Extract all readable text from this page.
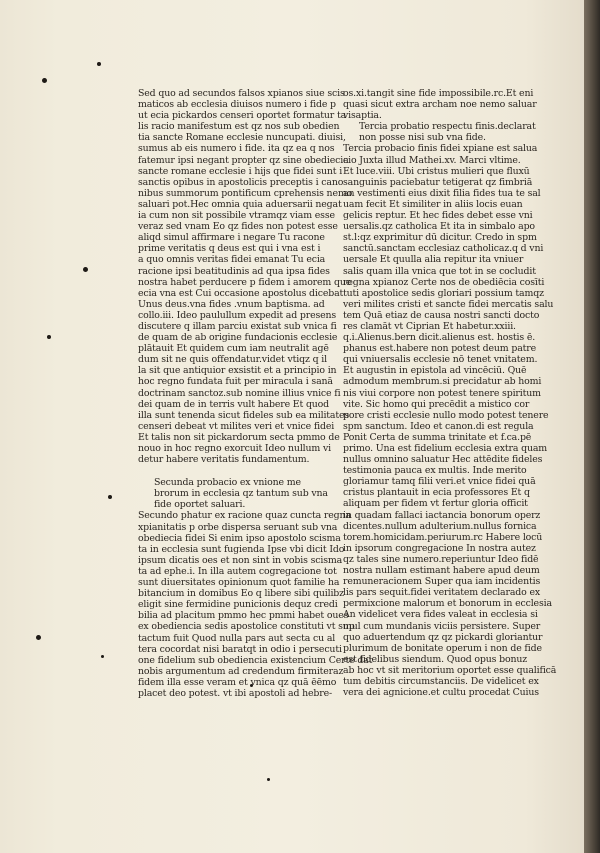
Sed quo ad secundos falsos xpianos siue scis
maticos ab ecclesia diuisos numero i fide p
ut ecia pickardos censeri oportet formatur ta
lis racio manifestum est qz nos sub obedien
tia sancte Romane ecclesie nuncupati. diuisi,
sumus ab eis numero i fide. ita qz ea q nos
fatemur ipsi negant propter qz sine obediecia
sancte romane ecclesie i hijs que fidei sunt i
sanctis opibus in apostolicis preceptis i cano
nibus summorum pontificum cprehensis nemo
saluari pot.Hec omnia quia aduersarii negat
ia cum non sit possibile vtramqz viam esse
veraz sed vnam Eo qz fides non potest esse
aliqd simul affirmare i negare Tu racone
prime veritatis q deus est qui i vna est i
a quo omnis veritas fidei emanat Tu ecia
racione ipsi beatitudinis ad qua ipsa fides
nostra habet perducere p fidem i amorem que
ecia vna est Cui occasione apostolus dicebat
Unus deus.vna fides .vnum baptisma. ad
collo.iii. Ideo paulullum expedit ad presens
discutere q illam parciu existat sub vnica fi
de quam de ab origine fundacionis ecclesie
plātauit Et quidem cum iam neutralit agē
dum sit ne quis offendatur.videt vtiqz q il
la sit que antiquior exsistit et a principio in
hoc regno fundata fuit per miracula i sanā
doctrinam sanctoz.sub nomine illius vnice fi
dei quam de in terris vult habere Et quod
illa sunt tenenda sicut fideles sub ea militates
censeri debeat vt milites veri et vnice fidei
Et talis non sit pickardorum secta pmmo de
nouo in hoc regno exorcuit Ideo nullum vi
detur habere veritatis fundamentum.
Secunda probacio ex vnione me
brorum in ecclesia qz tantum sub vna
fide oportet saluari.
Secundo phatur ex racione quaz cuncta regna
xpianitatis p orbe dispersa seruant sub vna
obediecia fidei Si enim ipso apostolo scisma
ta in ecclesia sunt fugienda Ipse vbi dicit Ido
ipsum dicatis oes et non sint in vobis scisma
ta ad ephe.i. In illa autem cogregacione tot
sunt diuersitates opinionum quot familie ha
bitancium in domibus Eo q libere sibi quilibz
eligit sine fermidine punicionis dequz credi
bilia ad placitum pmmo hec pmmi habet oues
ex obediencia sedis apostolice constituti vt sup
tactum fuit Quod nulla pars aut secta cu al
tera cocordat nisi baratqt in odio i persecuti
one fidelium sub obediencia existencium Certe dat
nobis argumentum ad credendum firmiteraz
fidem illa esse veram et vnica qz quā ēēmo
placet deo potest. vt ibi apostoli ad hebre-
os.xi.tangit sine fide impossibile.rc.Et eni
quasi sicut extra archam noe nemo saluar
visaptia.
Tercia probatio respectu finis.declarat
non posse nisi sub vna fide.
Tercia probacio finis fidei xpiane est salua
cio Juxta illud Mathei.xv. Marci vltime.
Et luce.viii. Ubi cristus mulieri que fluxū
sanguinis paciebatur tetigerat qz fimbriā
an vestimenti eius dixit filia fides tua te sal
uam fecit Et similiter in aliis locis euan
gelicis reptur. Et hec fides debet esse vni
uersalis.qz catholica Et ita in simbalo apo
st.l:qz exprimitur dū dicitur. Credo in spm
sanctū.sanctam ecclesiaz catholicaz.q d vni
uersale Et quulla alia repitur ita vniuer
salis quam illa vnica que tot in se cocludit
regna xpianoz Certe nos de obediēcia cosīti
tuti apostolice sedis gloriari possium tamqz
veri milites cristi et sancte fidei mercatis salu
tem Quā etiaz de causa nostri sancti docto
res clamāt vt Ciprian Et habetur.xxiii.
q.i.Alienus.bern dicit.alienus est. hostis ē.
phanus est.habere non potest deum patre
qui vniuersalis ecclesie nō tenet vnitatem.
Et augustin in epistola ad vincēciū. Quē
admodum membrum.si precidatur ab homi
nis viui corpore non potest tenere spiritum
vite. Sic homo qui precēdit a mistico cor
pore cristi ecclesie nullo modo potest tenere
spm sanctum. Ideo et canon.di est regula
Ponit Certa de summa trinitate et f.ca.pē
primo. Una est fidelium ecclesia extra quam
nullus omnino saluatur Hec attēdite fideles
testimonia pauca ex multis. Inde merito
gloriamur tamq filii veri.et vnice fidei quā
cristus plantauit in ecia professores Et q
aliquam per fidem vt fertur gloria officit
in quadam fallaci iactancia bonorum operz
dicentes.nullum adulterium.nullus fornica
torem.homicidam.periurum.rc Habere locū
in ipsorum congregacione In nostra autez
qz tales sine numero.reperiuntur Ideo fidē
nostra nullam estimant habere apud deum
remuneracionem Super qua iam incidentis
lis pars sequit.fidei veritatem declarado ex
permixcione malorum et bonorum in ecclesia
An videlicet vera fides valeat in ecclesia si
mul cum mundanis viciis persistere. Super
quo aduertendum qz qz pickardi gloriantur
plurimum de bonitate operum i non de fide
est fidelibus siendum. Quod opus bonuz
ab hoc vt sit meritorium oportet esse qualificā
tum debitis circumstanciis. De videlicet ex
vera dei agnicione.et cultu procedat Cuius
